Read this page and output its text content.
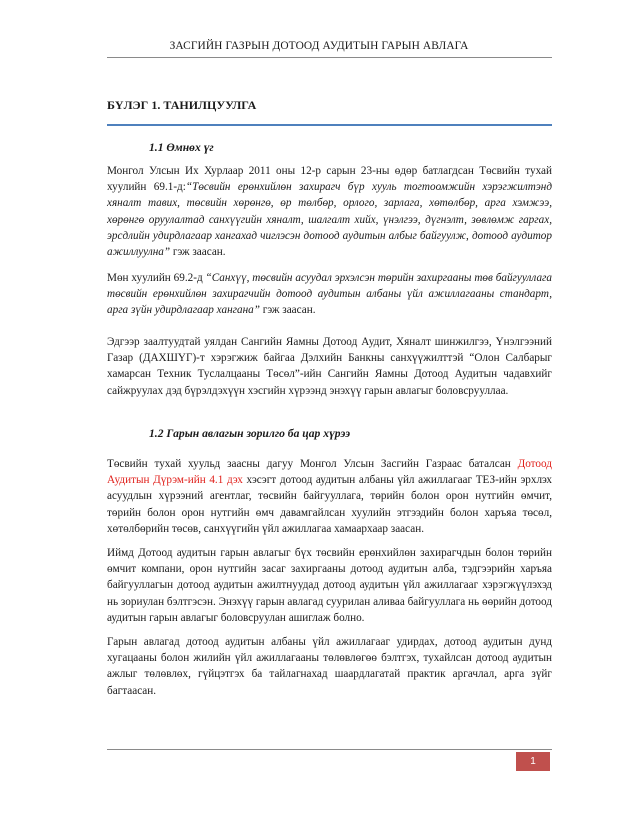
ЗАСГИЙН ГАЗРЫН ДОТООД АУДИТЫН ГАРЫН АВЛАГА
БҮЛЭГ 1. ТАНИЛЦУУЛГА
1.1 Өмнөх үг

Монгол Улсын Их Хурлаар 2011 оны 12-р сарын 23-ны өдөр батлагдсан Төсвийн тухай хуулийн 69.1-д:“Төсвийн ерөнхийлөн захирагч бүр хууль тогтоомжийн хэрэгжилтэнд хяналт тавих, төсвийн хөрөнгө, өр төлбөр, орлого, зарлага, хөтөлбөр, арга хэмжээ, хөрөнгө оруулалтад санхүүгийн хяналт, шалгалт хийх, үнэлгээ, дүгнэлт, зөвлөмж гаргах, эрсдлийн удирдлагаар хангахад чиглэсэн дотоод аудитын албыг байгуулж, дотоод аудитор ажиллуулна” гэж заасан.

Мөн хуулийн 69.2-д “Санхүү, төсвийн асуудал эрхэлсэн төрийн захиргааны төв байгууллага төсвийн ерөнхийлөн захирагчийн дотоод аудитын албаны үйл ажиллагааны стандарт, арга зүйн удирдлагаар хангана” гэж заасан.

Эдгээр заалтуудтай уялдан Сангийн Яамны Дотоод Аудит, Хяналт шинжилгээ, Үнэлгээний Газар (ДАХШҮГ)-т хэрэгжиж байгаа Дэлхийн Банкны санхүүжилттэй “Олон Салбарыг хамарсан Техник Туслалцааны Төсөл”-ийн Сангийн Яамны Дотоод Аудитын чадавхийг сайжруулах дэд бүрэлдэхүүн хэсгийн хүрээнд энэхүү гарын авлагыг боловсрууллаа.

1.2 Гарын авлагын зорилго ба цар хүрээ

Төсвийн тухай хуульд заасны дагуу Монгол Улсын Засгийн Газраас баталсан Дотоод Аудитын Дүрэм-ийн 4.1 дэх хэсэгт дотоод аудитын албаны үйл ажиллагааг ТЕЗ-ийн эрхлэх асуудлын хүрээний агентлаг, төсвийн байгууллага, төрийн болон орон нутгийн өмчит, төрийн болон орон нутгийн өмч давамгайлсан хуулийн этгээдийн болон харъяа төсөл, хөтөлбөрийн төсөв, санхүүгийн үйл ажиллагаа хамаархаар заасан.

Иймд Дотоод аудитын гарын авлагыг бүх төсвийн ерөнхийлөн захирагчдын болон төрийн өмчит компани, орон нутгийн засаг захиргааны дотоод аудитын алба, тэдгээрийн харъяа байгууллагын дотоод аудитын ажилтнуудад дотоод аудитын үйл ажиллагааг хэрэгжүүлэхэд нь зориулан бэлтгэсэн. Энэхүү гарын авлагад суурилан аливаа байгууллага нь өөрийн дотоод аудитын гарын авлагыг боловсруулан ашиглаж болно.

Гарын авлагад дотоод аудитын албаны үйл ажиллагааг удирдах, дотоод аудитын дунд хугацааны болон жилийн үйл ажиллагааны төлөвлөгөө бэлтгэх, тухайлсан дотоод аудитын ажлыг төлөвлөх, гүйцэтгэх ба тайлагнахад шаардлагатай практик аргачлал, арга зүйг багтаасан.

1
